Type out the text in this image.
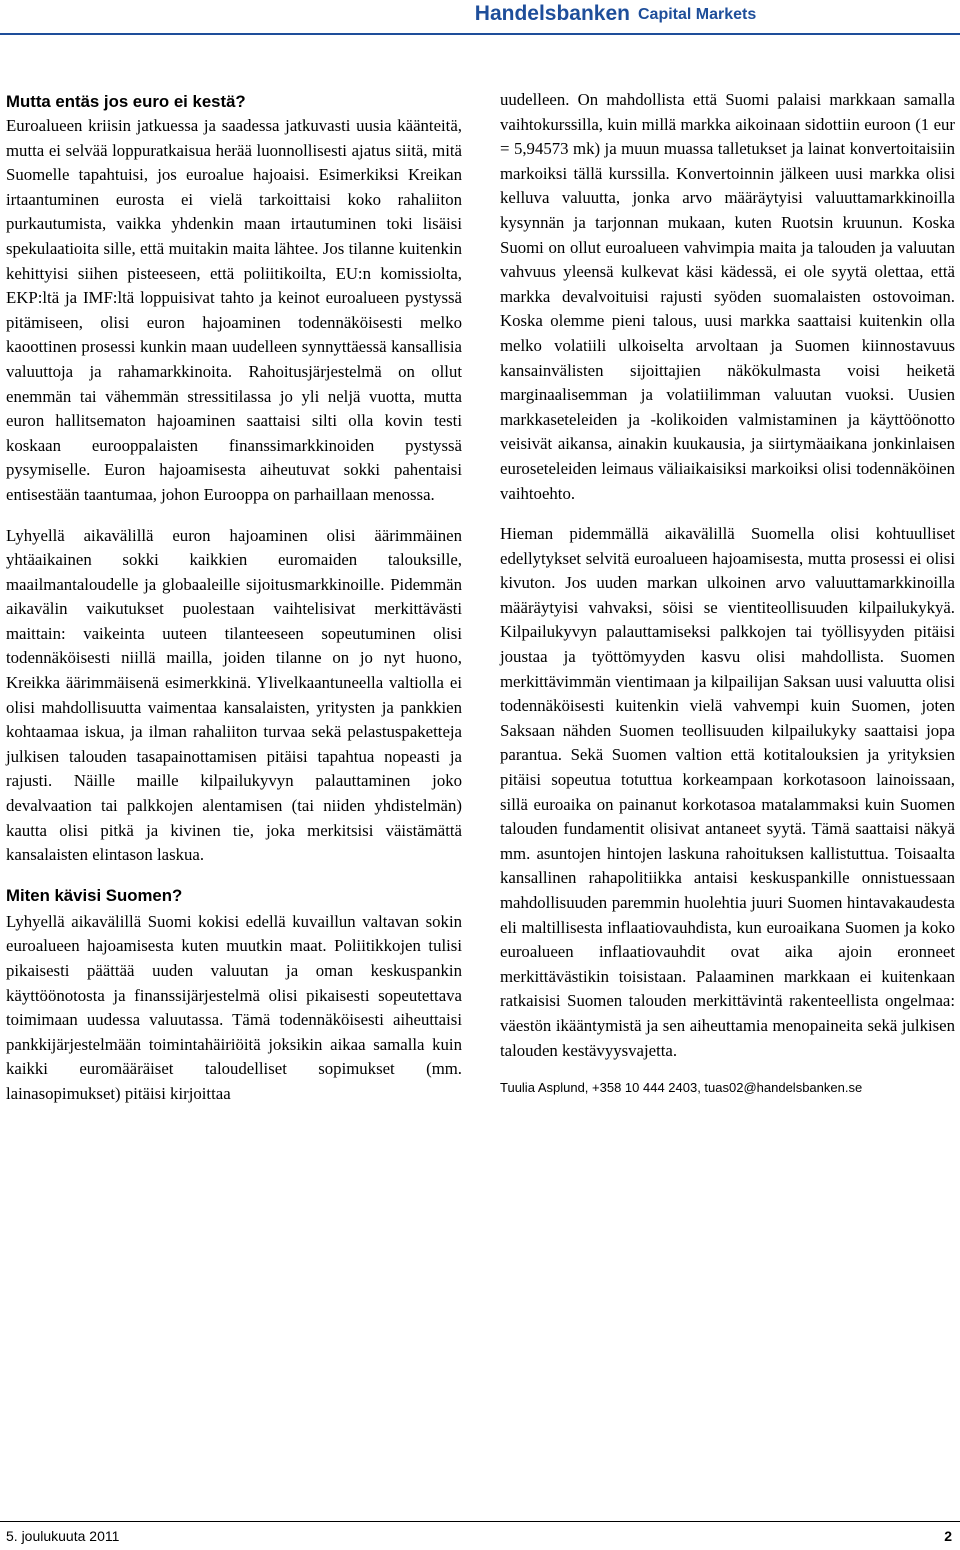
Handelsbanken Capital Markets
Mutta entäs jos euro ei kestä?

Euroalueen kriisin jatkuessa ja saadessa jatkuvasti uusia käänteitä, mutta ei selvää loppuratkaisua herää luonnollisesti ajatus siitä, mitä Suomelle tapahtuisi, jos euroalue hajoaisi. Esimerkiksi Kreikan irtaantuminen eurosta ei vielä tarkoittaisi koko rahaliiton purkautumista, vaikka yhdenkin maan irtautuminen toki lisäisi spekulaatioita sille, että muitakin maita lähtee. Jos tilanne kuitenkin kehittyisi siihen pisteeseen, että poliitikoilta, EU:n komissiolta, EKP:ltä ja IMF:ltä loppuisivat tahto ja keinot euroalueen pystyssä pitämiseen, olisi euron hajoaminen todennäköisesti melko kaoottinen prosessi kunkin maan uudelleen synnyttäessä kansallisia valuuttoja ja rahamarkkinoita. Rahoitusjärjestelmä on ollut enemmän tai vähemmän stressitilassa jo yli neljä vuotta, mutta euron hallitsematon hajoaminen saattaisi silti olla kovin testi koskaan eurooppalaisten finanssimarkkinoiden pystyssä pysymiselle. Euron hajoamisesta aiheutuvat sokki pahentaisi entisestään taantumaa, johon Eurooppa on parhaillaan menossa.

Lyhyellä aikavälillä euron hajoaminen olisi äärimmäinen yhtäaikainen sokki kaikkien euromaiden talouksille, maailmantaloudelle ja globaaleille sijoitusmarkkinoille. Pidemmän aikavälin vaikutukset puolestaan vaihtelisivat merkittävästi maittain: vaikeinta uuteen tilanteeseen sopeutuminen olisi todennäköisesti niillä mailla, joiden tilanne on jo nyt huono, Kreikka äärimmäisenä esimerkkinä. Ylivelkaantuneella valtiolla ei olisi mahdollisuutta vaimentaa kansalaisten, yritysten ja pankkien kohtaamaa iskua, ja ilman rahaliiton turvaa sekä pelastuspaketteja julkisen talouden tasapainottamisen pitäisi tapahtua nopeasti ja rajusti. Näille maille kilpailukyvyn palauttaminen joko devalvaation tai palkkojen alentamisen (tai niiden yhdistelmän) kautta olisi pitkä ja kivinen tie, joka merkitsisi väistämättä kansalaisten elintason laskua.

Miten kävisi Suomen?

Lyhyellä aikavälillä Suomi kokisi edellä kuvaillun valtavan sokin euroalueen hajoamisesta kuten muutkin maat. Poliitikkojen tulisi pikaisesti päättää uuden valuutan ja oman keskuspankin käyttöönotosta ja finanssijärjestelmä olisi pikaisesti sopeutettava toimimaan uudessa valuutassa. Tämä todennäköisesti aiheuttaisi pankkijärjestelmään toimintahäiriöitä joksikin aikaa samalla kuin kaikki euromääräiset taloudelliset sopimukset (mm. lainasopimukset) pitäisi kirjoittaa

uudelleen. On mahdollista että Suomi palaisi markkaan samalla vaihtokurssilla, kuin millä markka aikoinaan sidottiin euroon (1 eur = 5,94573 mk) ja muun muassa talletukset ja lainat konvertoitaisiin markoiksi tällä kurssilla. Konvertoinnin jälkeen uusi markka olisi kelluva valuutta, jonka arvo määräytyisi valuuttamarkkinoilla kysynnän ja tarjonnan mukaan, kuten Ruotsin kruunun. Koska Suomi on ollut euroalueen vahvimpia maita ja talouden ja valuutan vahvuus yleensä kulkevat käsi kädessä, ei ole syytä olettaa, että markka devalvoituisi rajusti syöden suomalaisten ostovoiman. Koska olemme pieni talous, uusi markka saattaisi kuitenkin olla melko volatiili ulkoiselta arvoltaan ja Suomen kiinnostavuus kansainvälisten sijoittajien näkökulmasta voisi heiketä marginaalisemman ja volatiilimman valuutan vuoksi. Uusien markkaseteleiden ja -kolikoiden valmistaminen ja käyttöönotto veisivät aikansa, ainakin kuukausia, ja siirtymäaikana jonkinlaisen euroseteleiden leimaus väliaikaisiksi markoiksi olisi todennäköinen vaihtoehto.

Hieman pidemmällä aikavälillä Suomella olisi kohtuulliset edellytykset selvitä euroalueen hajoamisesta, mutta prosessi ei olisi kivuton. Jos uuden markan ulkoinen arvo valuuttamarkkinoilla määräytyisi vahvaksi, söisi se vientiteollisuuden kilpailukykyä. Kilpailukyvyn palauttamiseksi palkkojen tai työllisyyden pitäisi joustaa ja työttömyyden kasvu olisi mahdollista. Suomen merkittävimmän vientimaan ja kilpailijan Saksan uusi valuutta olisi todennäköisesti kuitenkin vielä vahvempi kuin Suomen, joten Saksaan nähden Suomen teollisuuden kilpailukyky saattaisi jopa parantua. Sekä Suomen valtion että kotitalouksien ja yrityksien pitäisi sopeutua totuttua korkeampaan korkotasoon lainoissaan, sillä euroaika on painanut korkotasoa matalammaksi kuin Suomen talouden fundamentit olisivat antaneet syytä. Tämä saattaisi näkyä mm. asuntojen hintojen laskuna rahoituksen kallistuttua. Toisaalta kansallinen rahapolitiikka antaisi keskuspankille onnistuessaan mahdollisuuden paremmin huolehtia juuri Suomen hintavakaudesta eli maltillisesta inflaatiovauhdista, kun euroaikana Suomen ja koko euroalueen inflaatiovauhdit ovat aika ajoin eronneet merkittävästikin toisistaan. Palaaminen markkaan ei kuitenkaan ratkaisisi Suomen talouden merkittävintä rakenteellista ongelmaa: väestön ikääntymistä ja sen aiheuttamia menopaineita sekä julkisen talouden kestävyysvajetta.

Tuulia Asplund, +358 10 444 2403, tuas02@handelsbanken.se

5. joulukuuta 2011	2
